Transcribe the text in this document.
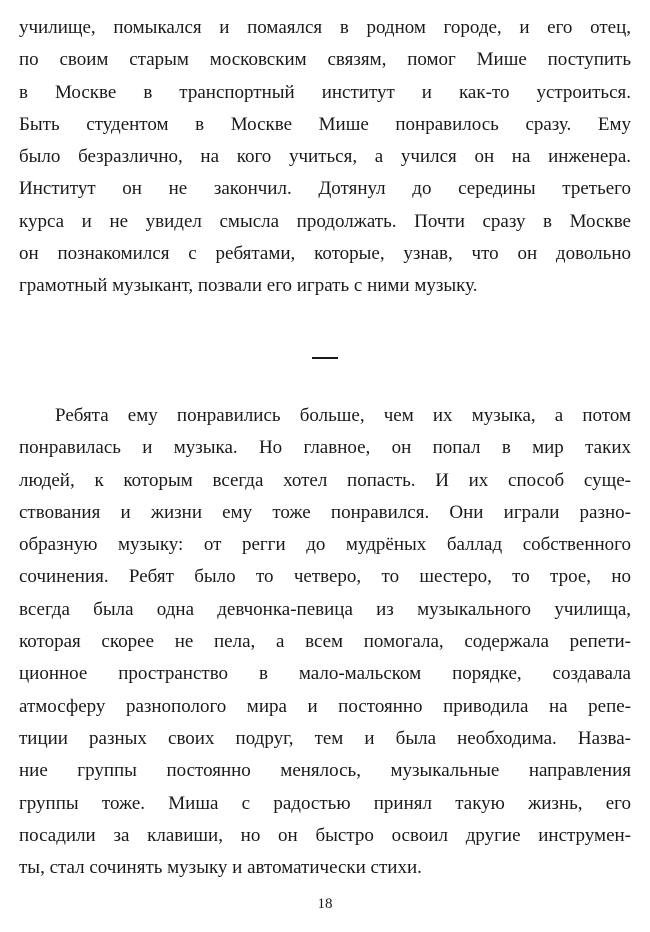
училище, помыкался и помаялся в родном городе, и его отец,
по своим старым московским связям, помог Мише поступить
в Москве в транспортный институт и как-то устроиться.
Быть студентом в Москве Мише понравилось сразу. Ему
было безразлично, на кого учиться, а учился он на инженера.
Институт он не закончил. Дотянул до середины третьего
курса и не увидел смысла продолжать. Почти сразу в Москве
он познакомился с ребятами, которые, узнав, что он довольно
грамотный музыкант, позвали его играть с ними музыку.
Ребята ему понравились больше, чем их музыка, а потом
понравилась и музыка. Но главное, он попал в мир таких
людей, к которым всегда хотел попасть. И их способ суще-
ствования и жизни ему тоже понравился. Они играли разно-
образную музыку: от регги до мудрёных баллад собственного
сочинения. Ребят было то четверо, то шестеро, то трое, но
всегда была одна девчонка-певица из музыкального училища,
которая скорее не пела, а всем помогала, содержала репети-
ционное пространство в мало-мальском порядке, создавала
атмосферу разнополого мира и постоянно приводила на репе-
тиции разных своих подруг, тем и была необходима. Назва-
ние группы постоянно менялось, музыкальные направления
группы тоже. Миша с радостью принял такую жизнь, его
посадили за клавиши, но он быстро освоил другие инструмен-
ты, стал сочинять музыку и автоматически стихи.
18
